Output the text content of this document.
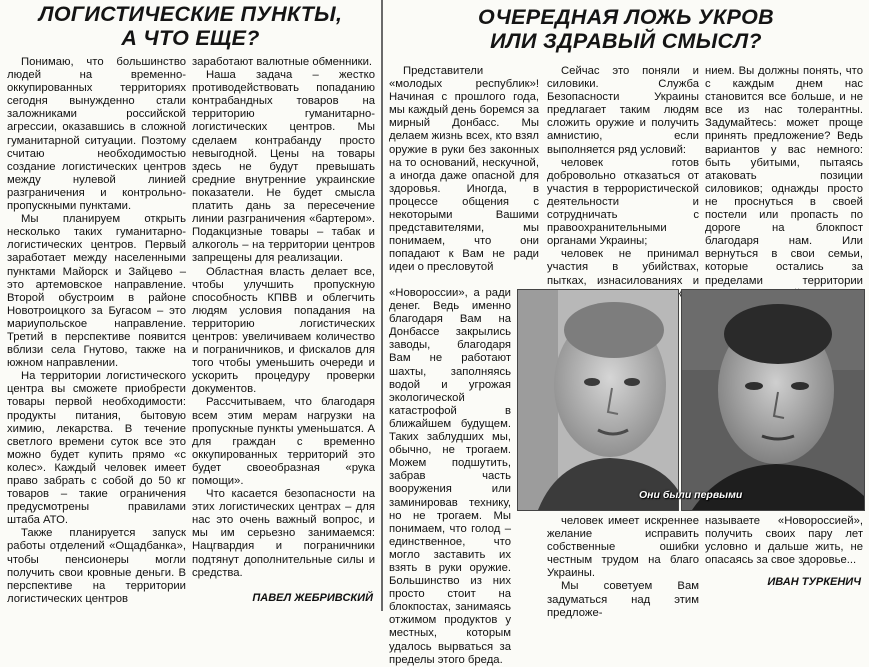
ЛОГИСТИЧЕСКИЕ ПУНКТЫ,
А ЧТО ЕЩЕ?

Понимаю, что большинство людей на временно-оккупированных территориях сегодня вынужденно стали заложниками российской агрессии, оказавшись в сложной гуманитарной ситуации. Поэтому считаю необходимостью создание логистических центров между нулевой линией разграничения и контрольно-пропускными пунктами.

Мы планируем открыть несколько таких гуманитарно-логистических центров. Первый заработает между населенными пунктами Майорск и Зайцево – это артемовское направление. Второй обустроим в районе Новотроицкого за Бугасом – это мариупольское направление. Третий в перспективе появится вблизи села Гнутово, также на южном направлении.

На территории логистического центра вы сможете приобрести товары первой необходимости: продукты питания, бытовую химию, лекарства. В течение светлого времени суток все это можно будет купить прямо «с колес». Каждый человек имеет право забрать с собой до 50 кг товаров – такие ограничения предусмотрены правилами штаба АТО.

Также планируется запуск работы отделений «Ощадбанка», чтобы пенсионеры могли получить свои кровные деньги. В перспективе на территории логистических центров

заработают валютные обменники.

Наша задача – жестко противодействовать попаданию контрабандных товаров на территорию гуманитарно-логистических центров. Мы сделаем контрабанду просто невыгодной. Цены на товары здесь не будут превышать средние внутренние украинские показатели. Не будет смысла платить дань за пересечение линии разграничения «бартером». Подакцизные товары – табак и алкоголь – на территории центров запрещены для реализации.

Областная власть делает все, чтобы улучшить пропускную способность КПВВ и облегчить людям условия попадания на территорию логистических центров: увеличиваем количество и пограничников, и фискалов для того чтобы уменьшить очереди и ускорить процедуру проверки документов.

Рассчитываем, что благодаря всем этим мерам нагрузки на пропускные пункты уменьшатся. А для граждан с временно оккупированных территорий это будет своеобразная «рука помощи».

Что касается безопасности на этих логистических центрах – для нас это очень важный вопрос, и мы им серьезно занимаемся: Нацгвардия и пограничники подтянут дополнительные силы и средства.

ПАВЕЛ ЖЕБРИВСКИЙ
ОЧЕРЕДНАЯ ЛОЖЬ УКРОВ
ИЛИ ЗДРАВЫЙ СМЫСЛ?

Представители «молодых республик»! Начиная с прошлого года, мы каждый день боремся за мирный Донбасс. Мы делаем жизнь всех, кто взял оружие в руки без законных на то оснований, нескучной, а иногда даже опасной для здоровья. Иногда, в процессе общения с некоторыми Вашими представителями, мы понимаем, что они попадают к Вам не ради идеи о пресловутой

«Новороссии», а ради денег. Ведь именно благодаря Вам на Донбассе закрылись заводы, благодаря Вам не работают шахты, заполняясь водой и угрожая экологической катастрофой в ближайшем будущем. Таких заблудших мы, обычно, не трогаем. Можем подшутить, забрав часть вооружения или заминировав технику, но не трогаем. Мы понимаем, что голод – единственное, что могло заставить их взять в руки оружие. Большинство из них просто стоит на блокпостах, занимаясь отжимом продуктов у местных, которым удалось вырваться за пределы этого бреда.

Сейчас это поняли и силовики. Служба Безопасности Украины предлагает таким людям сложить оружие и получить амнистию, если выполняется ряд условий:

человек готов добровольно отказаться от участия в террористической деятельности и сотрудничать с правоохранительными органами Украины;

человек не принимал участия в убийствах, пытках, изнасилованиях и тяжких

нием. Вы должны понять, что с каждым днем нас становится все больше, и не все из нас толерантны. Задумайтесь: может проще принять предложение? Ведь вариантов у вас немного: быть убитыми, пытаясь атаковать позиции силовиков; однажды просто не проснуться в своей постели или пропасть по дороге на блокпост благодаря нам. Или вернуться в свои семьи, которые остались за пределами территории

Они были первыми

человек имеет искреннее желание исправить собственные ошибки честным трудом на благо Украины.

Мы советуем Вам задуматься над этим предложе-

называете «Новороссией», получить своих пару лет условно и дальше жить, не опасаясь за свое здоровье...

ИВАН ТУРКЕНИЧ
